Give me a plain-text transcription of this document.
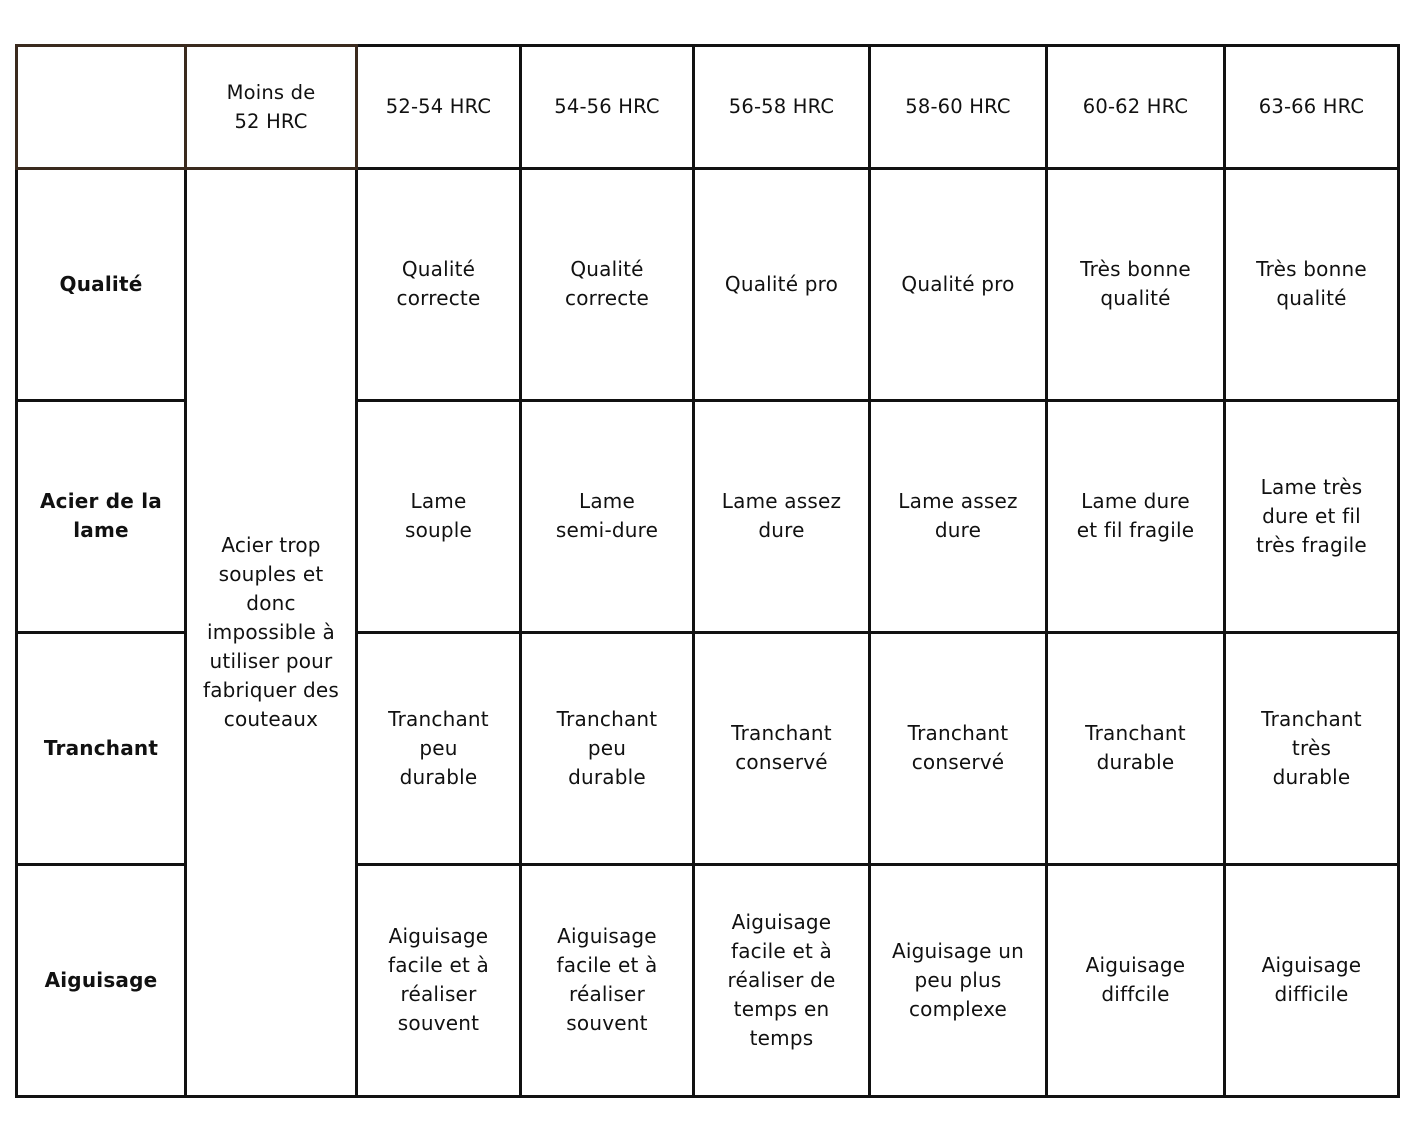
	Moins de 52 HRC	52-54 HRC	54-56 HRC	56-58 HRC	58-60 HRC	60-62 HRC	63-66 HRC
Qualité	Acier trop souples et donc impossible à utiliser pour fabriquer des couteaux	Qualité correcte	Qualité correcte	Qualité pro	Qualité pro	Très bonne qualité	Très bonne qualité
Acier de la lame		Lame souple	Lame semi-dure	Lame assez dure	Lame assez dure	Lame dure et fil fragile	Lame très dure et fil très fragile
Tranchant		Tranchant peu durable	Tranchant peu durable	Tranchant conservé	Tranchant conservé	Tranchant durable	Tranchant très durable
Aiguisage		Aiguisage facile et à réaliser souvent	Aiguisage facile et à réaliser souvent	Aiguisage facile et à réaliser de temps en temps	Aiguisage un peu plus complexe	Aiguisage diffcile	Aiguisage difficile
